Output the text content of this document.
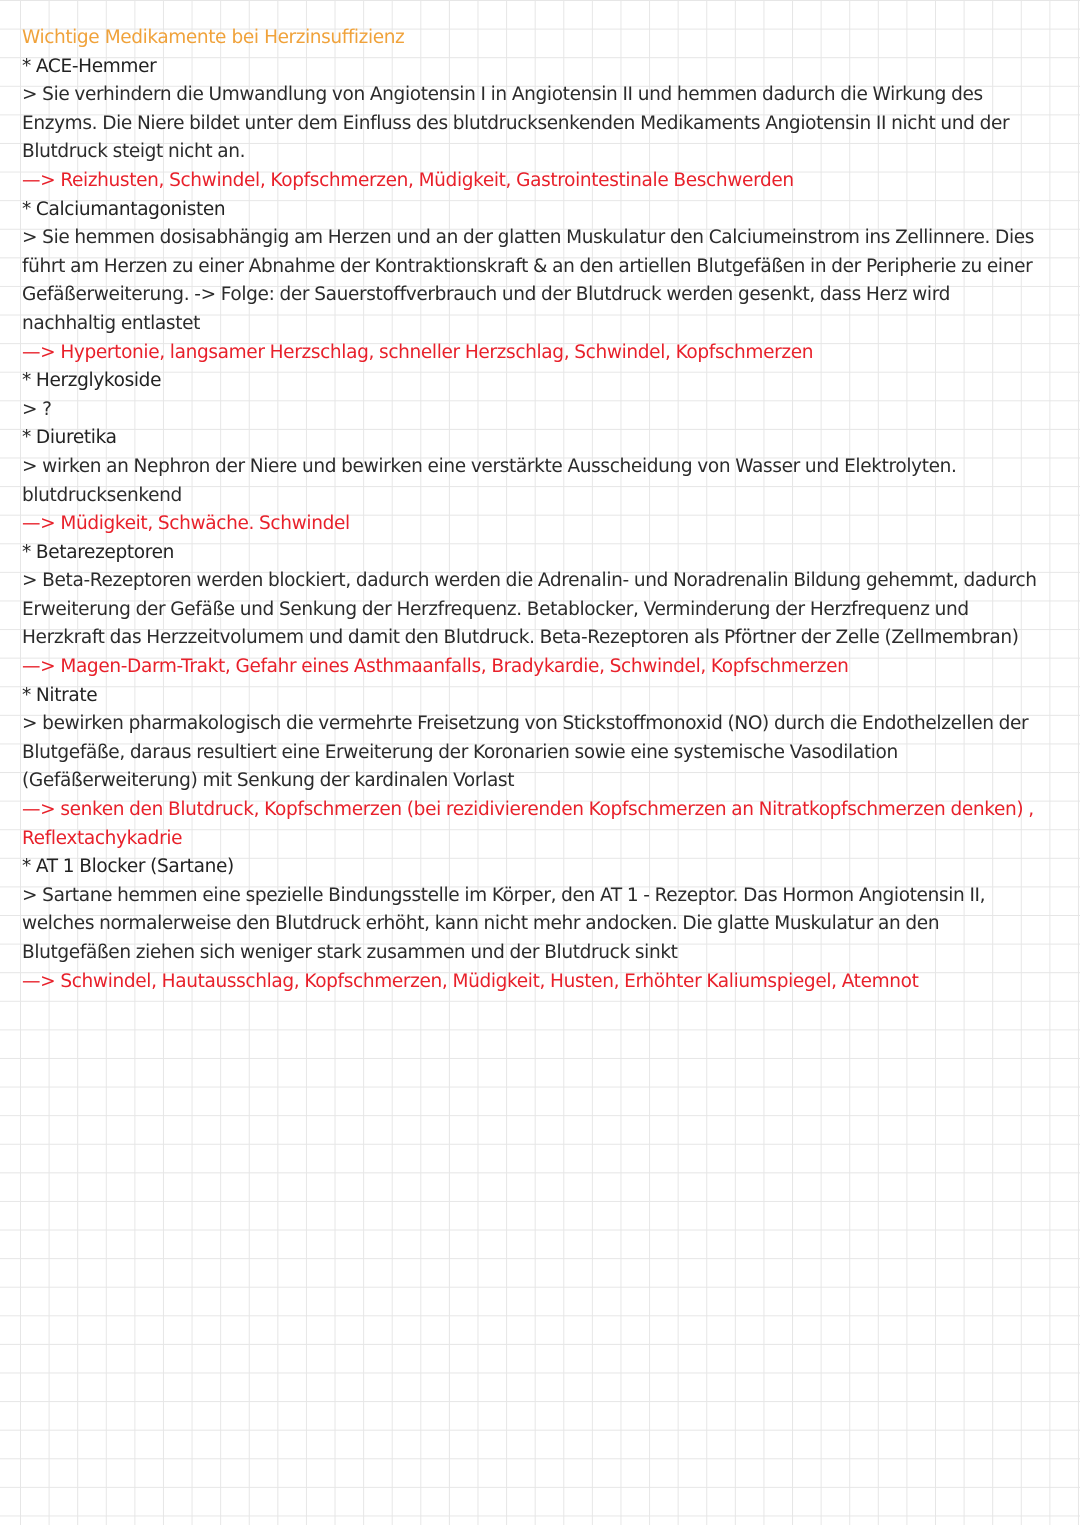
Wichtige Medikamente bei Herzinsuffizienz

* ACE-Hemmer

> Sie verhindern die Umwandlung von Angiotensin I in Angiotensin II und hemmen dadurch die Wirkung des Enzyms. Die Niere bildet unter dem Einfluss des blutdrucksenkenden Medikaments Angiotensin II nicht und der Blutdruck steigt nicht an.

—> Reizhusten, Schwindel, Kopfschmerzen, Müdigkeit, Gastrointestinale Beschwerden

* Calciumantagonisten

> Sie hemmen dosisabhängig am Herzen und an der glatten Muskulatur den Calciumeinstrom ins Zellinnere. Dies führt am Herzen zu einer Abnahme der Kontraktionskraft & an den artiellen Blutgefäßen in der Peripherie zu einer Gefäßerweiterung. -> Folge: der Sauerstoffverbrauch und der Blutdruck werden gesenkt, dass Herz wird nachhaltig entlastet

—> Hypertonie, langsamer Herzschlag, schneller Herzschlag, Schwindel, Kopfschmerzen

* Herzglykoside

> ?

* Diuretika

> wirken an Nephron der Niere und bewirken eine verstärkte Ausscheidung von Wasser und Elektrolyten. blutdrucksenkend

—> Müdigkeit, Schwäche. Schwindel

* Betarezeptoren

> Beta-Rezeptoren werden blockiert, dadurch werden die Adrenalin- und Noradrenalin Bildung gehemmt, dadurch Erweiterung der Gefäße und Senkung der Herzfrequenz. Betablocker, Verminderung der Herzfrequenz und Herzkraft das Herzzeitvolumem und damit den Blutdruck. Beta-Rezeptoren als Pförtner der Zelle (Zellmembran)

—> Magen-Darm-Trakt, Gefahr eines Asthmaanfalls, Bradykardie, Schwindel, Kopfschmerzen

* Nitrate

> bewirken pharmakologisch die vermehrte Freisetzung von Stickstoffmonoxid (NO) durch die Endothelzellen der Blutgefäße, daraus resultiert eine Erweiterung der Koronarien sowie eine systemische Vasodilation (Gefäßerweiterung) mit Senkung der kardinalen Vorlast

—> senken den Blutdruck, Kopfschmerzen (bei rezidivierenden Kopfschmerzen an Nitratkopfschmerzen denken) , Reflextachykadrie

* AT 1 Blocker (Sartane)

> Sartane hemmen eine spezielle Bindungsstelle im Körper, den AT 1 - Rezeptor. Das Hormon Angiotensin II, welches normalerweise den Blutdruck erhöht, kann nicht mehr andocken. Die glatte Muskulatur an den Blutgefäßen ziehen sich weniger stark zusammen und der Blutdruck sinkt

—> Schwindel, Hautausschlag, Kopfschmerzen, Müdigkeit, Husten, Erhöhter Kaliumspiegel, Atemnot
